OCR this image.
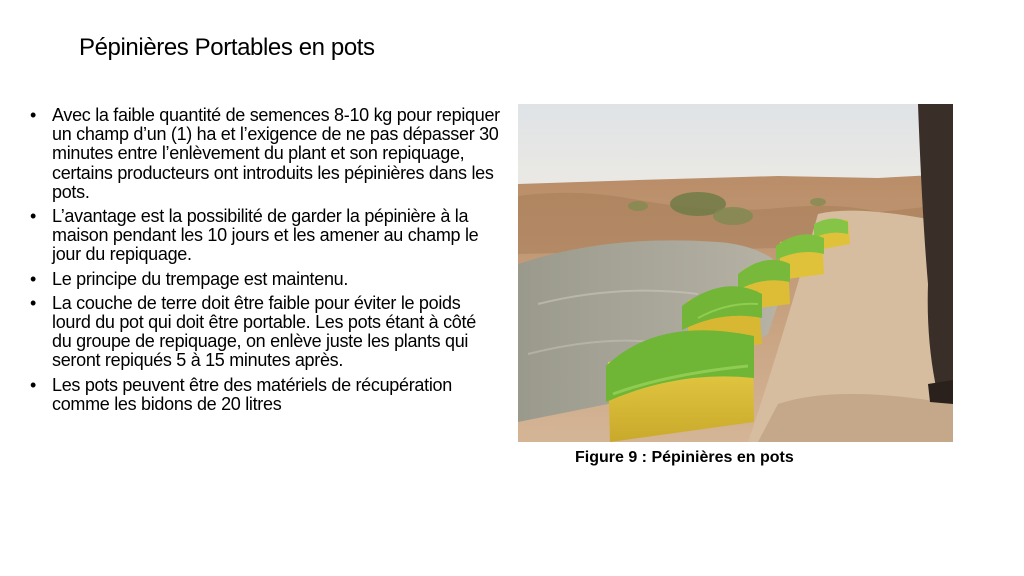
Pépinières Portables en pots
• Avec la faible quantité de semences 8-10 kg pour repiquer un champ d’un (1) ha et l’exigence de ne pas dépasser 30 minutes entre l’enlèvement du plant et son repiquage, certains producteurs ont introduits les pépinières dans les pots.
• L’avantage est la possibilité de garder la pépinière à la maison pendant les 10 jours et les amener au champ le jour du repiquage.
• Le principe du trempage est maintenu.
• La couche de terre doit être faible pour éviter le poids lourd du pot qui doit être portable. Les pots étant à côté du groupe de repiquage, on enlève juste les plants qui seront repiqués 5 à 15 minutes après.
• Les pots peuvent être des matériels de récupération comme les bidons de 20 litres
Figure 9 : Pépinières en pots
